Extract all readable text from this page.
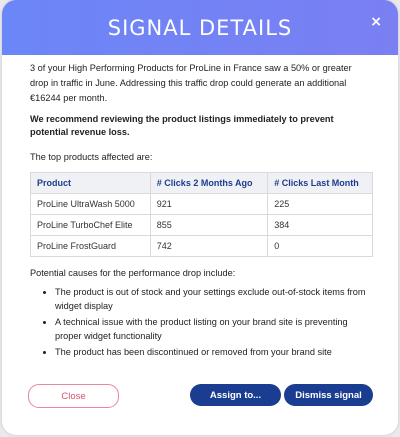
SIGNAL DETAILS	×

3 of your High Performing Products for ProLine in France saw a 50% or greater drop in traffic in June. Addressing this traffic drop could generate an additional €16244 per month.

We recommend reviewing the product listings immediately to prevent potential revenue loss.

The top products affected are:

Product	# Clicks 2 Months Ago	# Clicks Last Month
ProLine UltraWash 5000	921	225
ProLine TurboChef Elite	855	384
ProLine FrostGuard	742	0

Potential causes for the performance drop include:

• The product is out of stock and your settings exclude out-of-stock items from widget display
• A technical issue with the product listing on your brand site is preventing proper widget functionality
• The product has been discontinued or removed from your brand site
Close	Assign to...	Dismiss signal
